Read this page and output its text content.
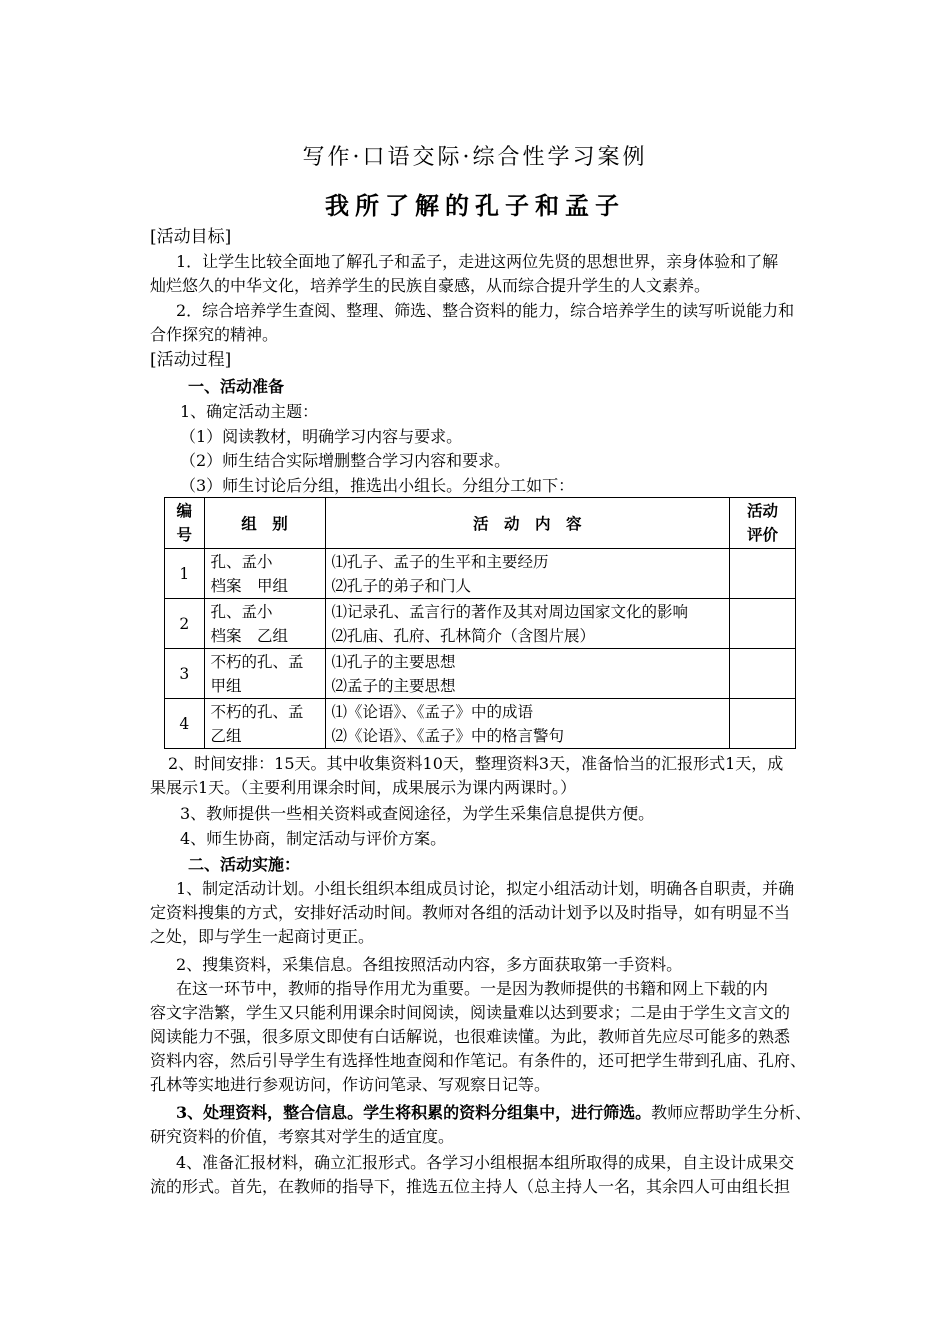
写作·口语交际·综合性学习案例
我所了解的孔子和孟子
[活动目标]
1．让学生比较全面地了解孔子和孟子，走进这两位先贤的思想世界，亲身体验和了解
灿烂悠久的中华文化，培养学生的民族自豪感，从而综合提升学生的人文素养。
2．综合培养学生查阅、整理、筛选、整合资料的能力，综合培养学生的读写听说能力和
合作探究的精神。
[活动过程]
一、活动准备
1、确定活动主题：
（1）阅读教材，明确学习内容与要求。
（2）师生结合实际增删整合学习内容和要求。
（3）师生讨论后分组，推选出小组长。分组分工如下：
编
号	组　别	活　动　内　容	活动
评价

1	孔、孟小
档案　甲组	⑴孔子、孟子的生平和主要经历
⑵孔子的弟子和门人	

2	孔、孟小
档案　乙组	⑴记录孔、孟言行的著作及其对周边国家文化的影响
⑵孔庙、孔府、孔林简介（含图片展）	

3	不朽的孔、孟
甲组	⑴孔子的主要思想
⑵孟子的主要思想	

4	不朽的孔、孟
乙组	⑴《论语》、《孟子》中的成语
⑵《论语》、《孟子》中的格言警句	

2、时间安排：15天。其中收集资料10天，整理资料3天，准备恰当的汇报形式1天，成
果展示1天。（主要利用课余时间，成果展示为课内两课时。）
3、教师提供一些相关资料或查阅途径，为学生采集信息提供方便。
4、师生协商，制定活动与评价方案。
二、活动实施：
1、制定活动计划。小组长组织本组成员讨论，拟定小组活动计划，明确各自职责，并确
定资料搜集的方式，安排好活动时间。教师对各组的活动计划予以及时指导，如有明显不当
之处，即与学生一起商讨更正。
2、搜集资料，采集信息。各组按照活动内容，多方面获取第一手资料。
在这一环节中，教师的指导作用尤为重要。一是因为教师提供的书籍和网上下载的内
容文字浩繁，学生又只能利用课余时间阅读，阅读量难以达到要求；二是由于学生文言文的
阅读能力不强，很多原文即使有白话解说，也很难读懂。为此，教师首先应尽可能多的熟悉
资料内容，然后引导学生有选择性地查阅和作笔记。有条件的，还可把学生带到孔庙、孔府、
孔林等实地进行参观访问，作访问笔录、写观察日记等。
3、处理资料，整合信息。学生将积累的资料分组集中，进行筛选。教师应帮助学生分析、
研究资料的价值，考察其对学生的适宜度。
4、准备汇报材料，确立汇报形式。各学习小组根据本组所取得的成果，自主设计成果交
流的形式。首先，在教师的指导下，推选五位主持人（总主持人一名，其余四人可由组长担
